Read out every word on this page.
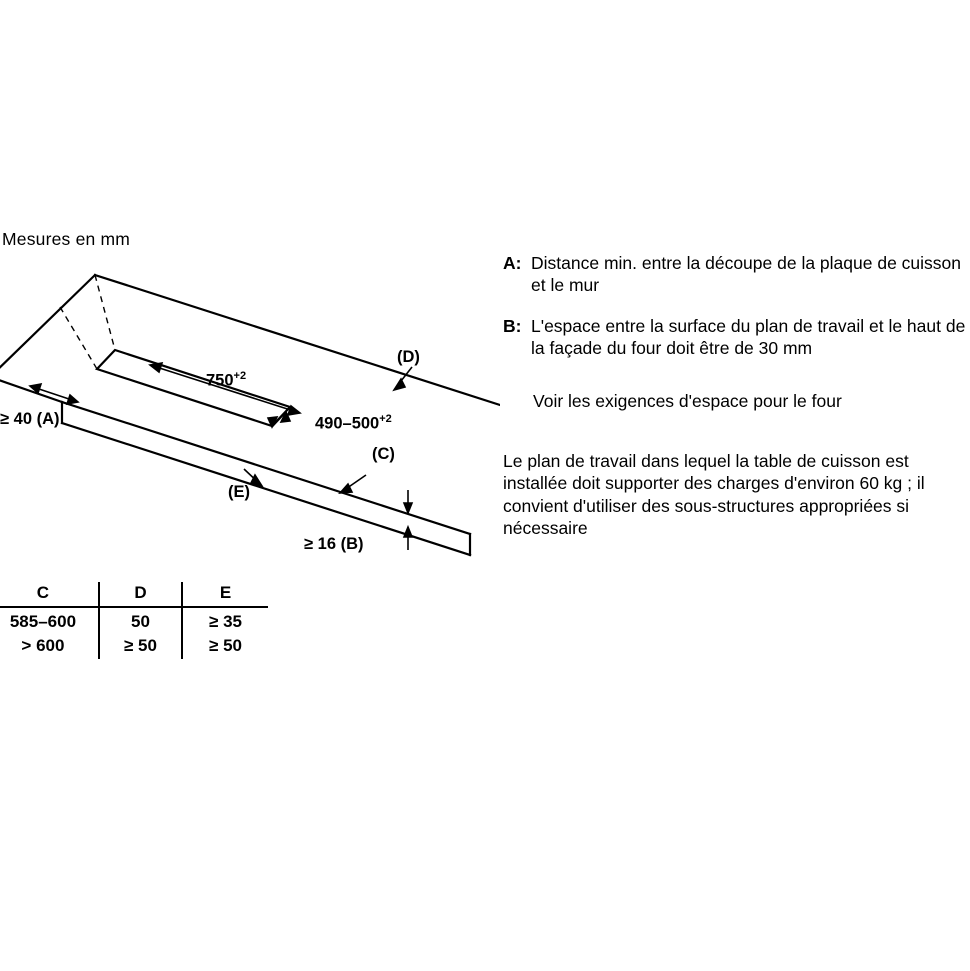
Mesures en mm
$750^{+2}$
$490-500^{+2}$
(D)
(C)
(E)
≥ 40 (A)
≥ 16 (B)
C	D	E
585–600	50	≥ 35
> 600	≥ 50	≥ 50
A: Distance min. entre la découpe de la plaque de cuisson et le mur
B: L'espace entre la surface du plan de travail et le haut de la façade du four doit être de 30 mm
Voir les exigences d'espace pour le four
Le plan de travail dans lequel la table de cuisson est installée doit supporter des charges d'environ 60 kg ; il convient d'utiliser des sous-structures appropriées si nécessaire
